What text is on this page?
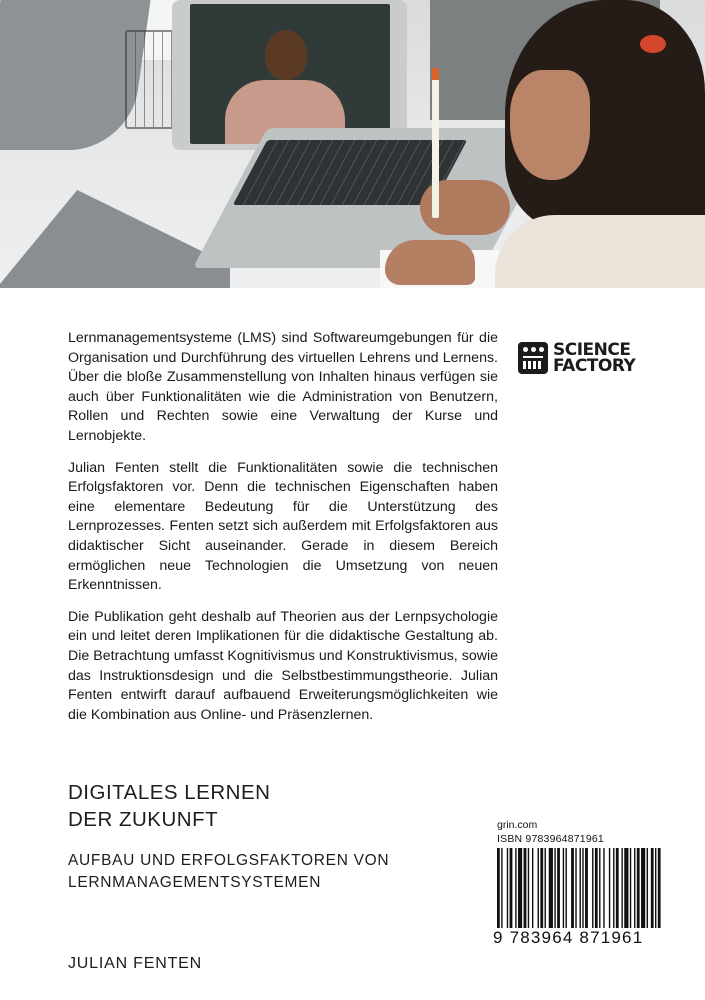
Lernmanagementsysteme (LMS) sind Softwareumgebungen für die Organisation und Durchführung des virtuellen Lehrens und Lernens. Über die bloße Zusammenstellung von Inhalten hinaus verfügen sie auch über Funktionalitäten wie die Administration von Benutzern, Rollen und Rechten sowie eine Verwaltung der Kurse und Lernobjekte.

Julian Fenten stellt die Funktionalitäten sowie die technischen Erfolgsfaktoren vor. Denn die technischen Eigenschaften haben eine elementare Bedeutung für die Unterstützung des Lernprozesses. Fenten setzt sich außerdem mit Erfolgsfaktoren aus didaktischer Sicht auseinander. Gerade in diesem Bereich ermöglichen neue Technologien die Umsetzung von neuen Erkenntnissen.

Die Publikation geht deshalb auf Theorien aus der Lernpsychologie ein und leitet deren Implikationen für die didaktische Gestaltung ab. Die Betrachtung umfasst Kognitivismus und Konstruktivismus, sowie das Instruktionsdesign und die Selbstbestimmungstheorie. Julian Fenten entwirft darauf aufbauend Erweiterungsmöglichkeiten wie die Kombination aus Online- und Präsenzlernen.

SCIENCE
FACTORY
DIGITALES LERNEN
DER ZUKUNFT
AUFBAU UND ERFOLGSFAKTOREN VON
LERNMANAGEMENTSYSTEMEN
JULIAN FENTEN
grin.com
ISBN 9783964871961
9 783964 871961
